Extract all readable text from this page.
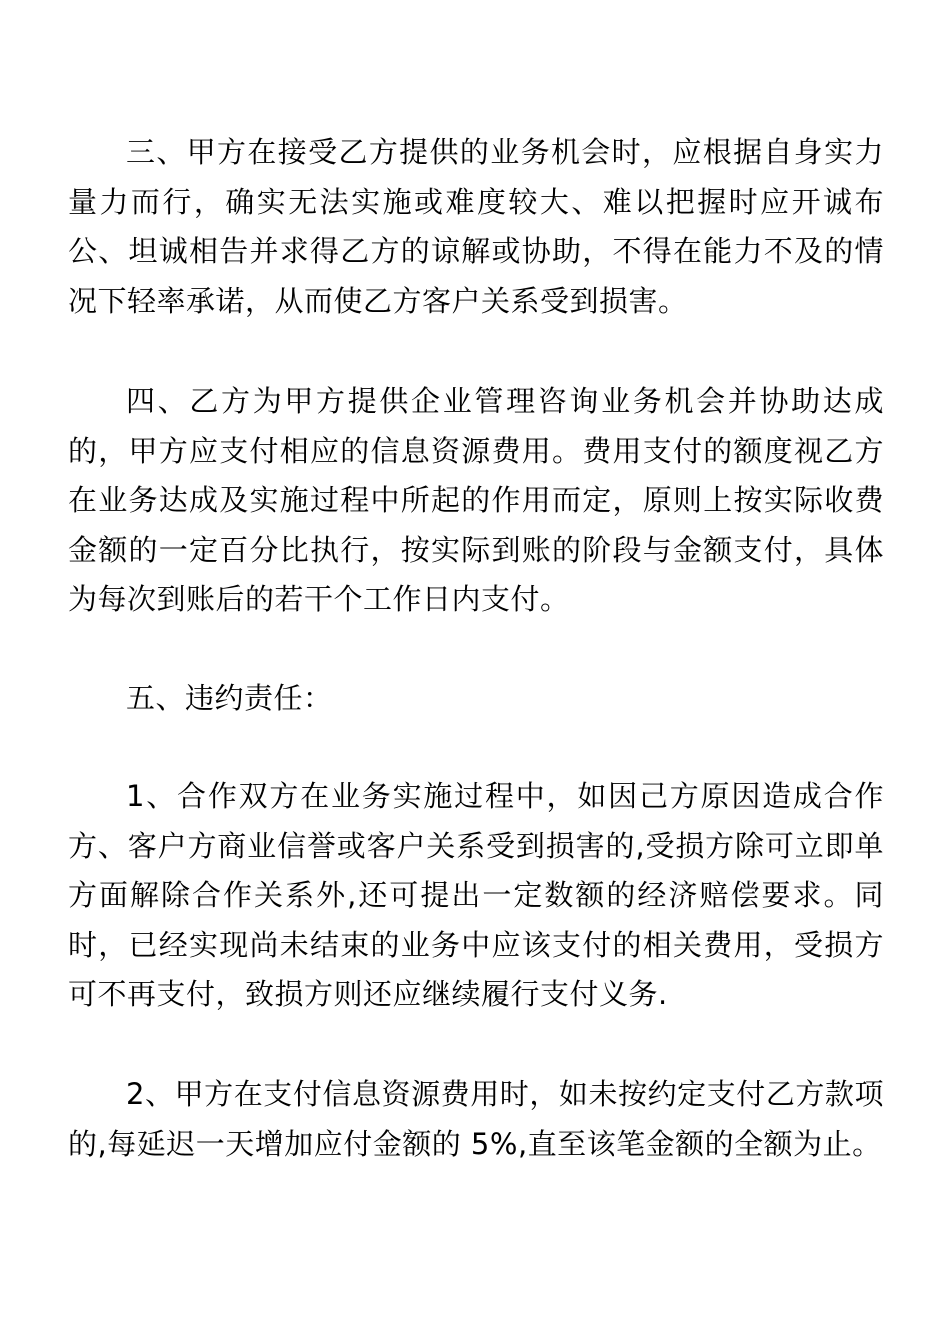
三、甲方在接受乙方提供的业务机会时，应根据自身实力量力而行，确实无法实施或难度较大、难以把握时应开诚布公、坦诚相告并求得乙方的谅解或协助，不得在能力不及的情况下轻率承诺，从而使乙方客户关系受到损害。

四、乙方为甲方提供企业管理咨询业务机会并协助达成的，甲方应支付相应的信息资源费用。费用支付的额度视乙方在业务达成及实施过程中所起的作用而定，原则上按实际收费金额的一定百分比执行，按实际到账的阶段与金额支付，具体为每次到账后的若干个工作日内支付。

五、违约责任：

1、合作双方在业务实施过程中，如因己方原因造成合作方、客户方商业信誉或客户关系受到损害的,受损方除可立即单方面解除合作关系外,还可提出一定数额的经济赔偿要求。同时，已经实现尚未结束的业务中应该支付的相关费用，受损方可不再支付，致损方则还应继续履行支付义务.

2、甲方在支付信息资源费用时，如未按约定支付乙方款项的,每延迟一天增加应付金额的 5%,直至该笔金额的全额为止。
